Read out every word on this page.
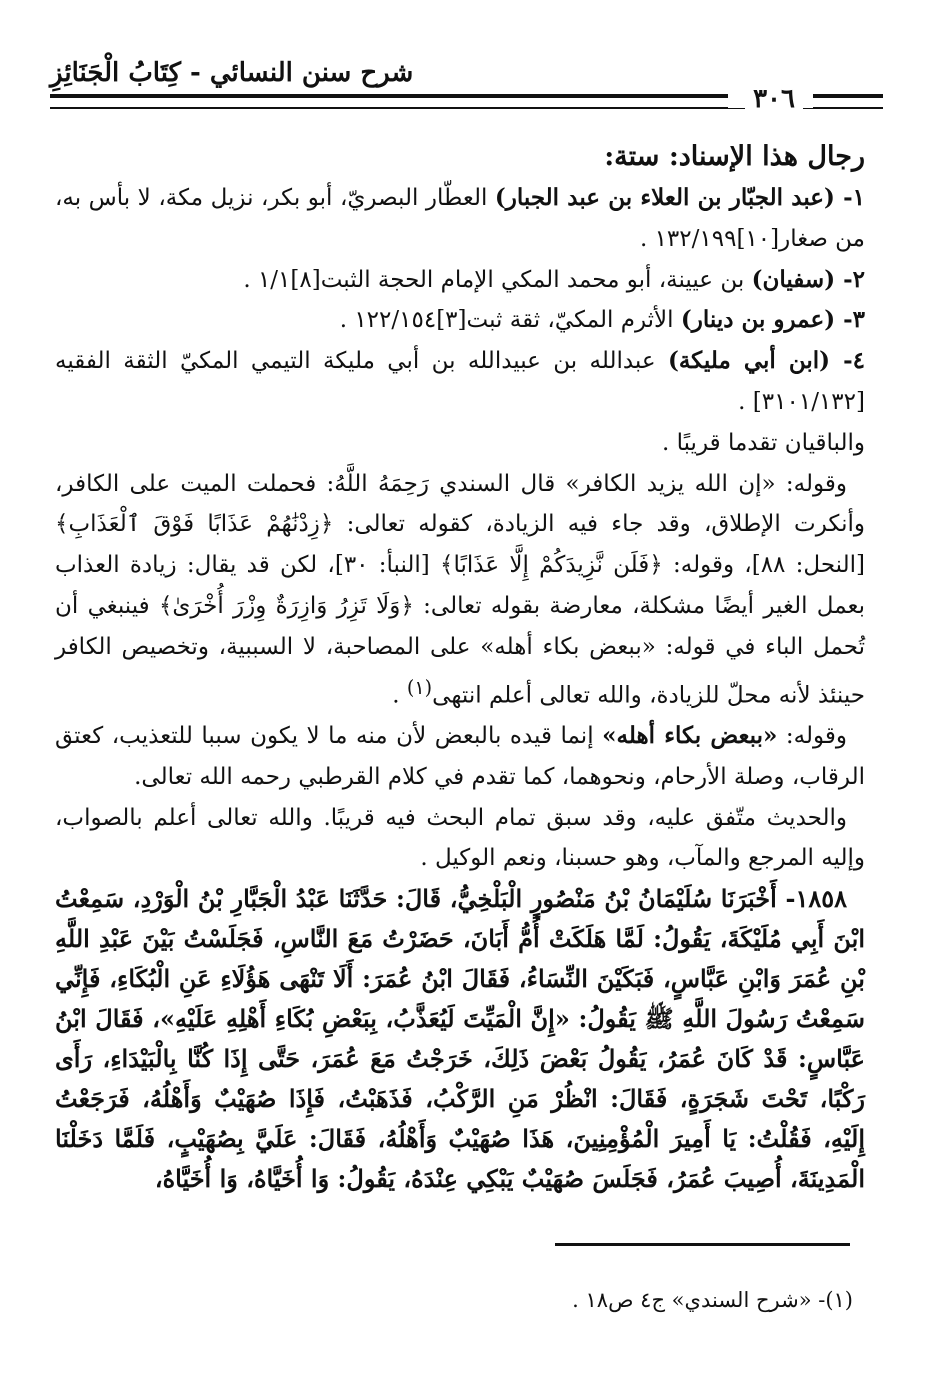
شرح سنن النسائي - كِتَابُ الْجَنَائِزِ
٣٠٦

رجال هذا الإسناد: ستة:

١- (عبد الجبّار بن العلاء بن عبد الجبار) العطّار البصريّ، أبو بكر، نزيل مكة، لا بأس به، من صغار[١٠]١٣٢/١٩٩ .

٢- (سفيان) بن عيينة، أبو محمد المكي الإمام الحجة الثبت[٨]١/١ .

٣- (عمرو بن دينار) الأثرم المكيّ، ثقة ثبت[٣]١٢٢/١٥٤ .

٤- (ابن أبي مليكة) عبدالله بن عبيدالله بن أبي مليكة التيمي المكيّ الثقة الفقيه [٣١٠١/١٣٢] .

والباقيان تقدما قريبًا .

وقوله: «إن الله يزيد الكافر» قال السندي رَحِمَهُ اللَّهُ: فحملت الميت على الكافر، وأنكرت الإطلاق، وقد جاء فيه الزيادة، كقوله تعالى: ﴿زِدْنَٰهُمْ عَذَابًا فَوْقَ ٱلْعَذَابِ﴾ [النحل: ٨٨]، وقوله: ﴿فَلَن نَّزِيدَكُمْ إِلَّا عَذَابًا﴾ [النبأ: ٣٠]، لكن قد يقال: زيادة العذاب بعمل الغير أيضًا مشكلة، معارضة بقوله تعالى: ﴿وَلَا تَزِرُ وَازِرَةٌ وِزْرَ أُخْرَىٰ﴾ فينبغي أن تُحمل الباء في قوله: «ببعض بكاء أهله» على المصاحبة، لا السببية، وتخصيص الكافر حينئذ لأنه محلّ للزيادة، والله تعالى أعلم انتهى$^{(١)}$ .

وقوله: «ببعض بكاء أهله» إنما قيده بالبعض لأن منه ما لا يكون سببا للتعذيب، كعتق الرقاب، وصلة الأرحام، ونحوهما، كما تقدم في كلام القرطبي رحمه الله تعالى.

والحديث متّفق عليه، وقد سبق تمام البحث فيه قريبًا. والله تعالى أعلم بالصواب، وإليه المرجع والمآب، وهو حسبنا، ونعم الوكيل .

١٨٥٨- أَخْبَرَنَا سُلَيْمَانُ بْنُ مَنْصُورٍ الْبَلْخِيُّ، قَالَ: حَدَّثَنَا عَبْدُ الْجَبَّارِ بْنُ الْوَرْدِ، سَمِعْتُ ابْنَ أَبِي مُلَيْكَةَ، يَقُولُ: لَمَّا هَلَكَتْ أُمُّ أَبَانَ، حَضَرْتُ مَعَ النَّاسِ، فَجَلَسْتُ بَيْنَ عَبْدِ اللَّهِ بْنِ عُمَرَ وَابْنِ عَبَّاسٍ، فَبَكَيْنَ النِّسَاءُ، فَقَالَ ابْنُ عُمَرَ: أَلَا تَنْهَى هَؤُلَاءِ عَنِ الْبُكَاءِ، فَإِنِّي سَمِعْتُ رَسُولَ اللَّهِ ﷺ يَقُولُ: «إِنَّ الْمَيِّتَ لَيُعَذَّبُ، بِبَعْضِ بُكَاءِ أَهْلِهِ عَلَيْهِ»، فَقَالَ ابْنُ عَبَّاسٍ: قَدْ كَانَ عُمَرُ، يَقُولُ بَعْضَ ذَلِكَ، خَرَجْتُ مَعَ عُمَرَ، حَتَّى إِذَا كُنَّا بِالْبَيْدَاءِ، رَأَى رَكْبًا، تَحْتَ شَجَرَةٍ، فَقَالَ: انْظُرْ مَنِ الرَّكْبُ، فَذَهَبْتُ، فَإِذَا صُهَيْبٌ وَأَهْلُهُ، فَرَجَعْتُ إِلَيْهِ، فَقُلْتُ: يَا أَمِيرَ الْمُؤْمِنِينَ، هَذَا صُهَيْبٌ وَأَهْلُهُ، فَقَالَ: عَلَيَّ بِصُهَيْبٍ، فَلَمَّا دَخَلْنَا الْمَدِينَةَ، أُصِيبَ عُمَرُ، فَجَلَسَ صُهَيْبٌ يَبْكِي عِنْدَهُ، يَقُولُ: وَا أُخَيَّاهُ، وَا أُخَيَّاهُ،

(١)- «شرح السندي» ج٤ ص١٨ .
